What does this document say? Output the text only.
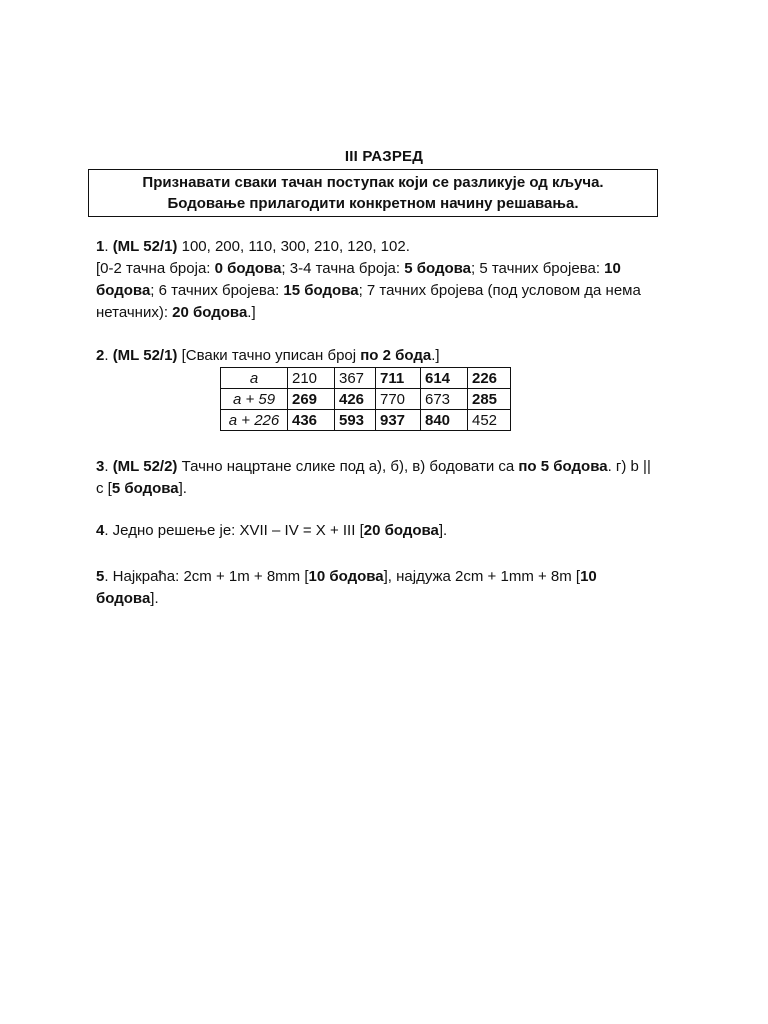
III РАЗРЕД
Признавати сваки тачан поступак који се разликује од кључа.
Бодовање прилагодити конкретном начину решавања.
1. (ML 52/1) 100, 200, 110, 300, 210, 120, 102.
[0-2 тачна броја: 0 бодова; 3-4 тачна броја: 5 бодова; 5 тачних бројева: 10 бодова; 6 тачних бројева: 15 бодова; 7 тачних бројева (под условом да нема нетачних): 20 бодова.]
2. (ML 52/1) [Сваки тачно уписан број по 2 бода.]
a	210	367	711	614	226
a + 59	269	426	770	673	285
a + 226	436	593	937	840	452
3. (ML 52/2) Тачно нацртане слике под а), б), в) бодовати са по 5 бодова. г) b || c [5 бодова].
4. Једно решење је: XVII – IV = X + III [20 бодова].
5. Најкраћа: 2cm + 1m + 8mm [10 бодова], најдужа 2cm + 1mm + 8m [10 бодова].
